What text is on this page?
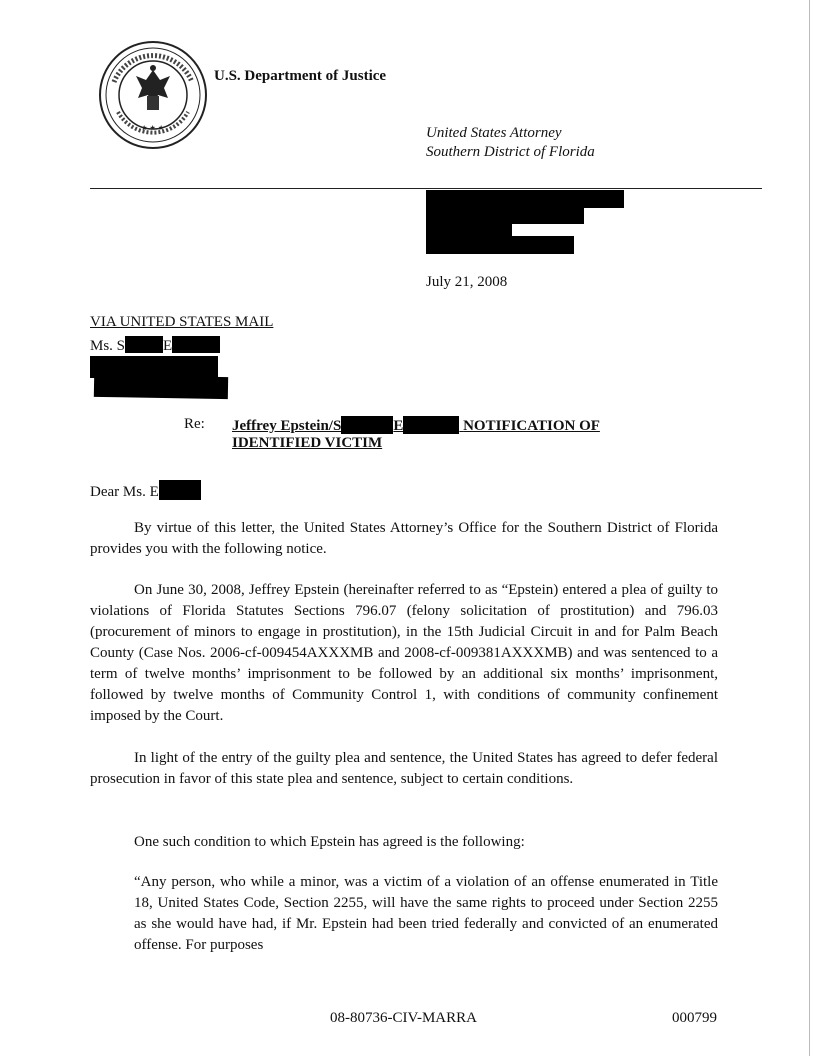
★ ★ ★
U.S. Department of Justice
United States Attorney
Southern District of Florida
July 21, 2008
VIA UNITED STATES MAIL
Ms. S	E
Re: Jeffrey Epstein/S	E	NOTIFICATION OF
IDENTIFIED VICTIM
Dear Ms. E

By virtue of this letter, the United States Attorney’s Office for the Southern District of Florida provides you with the following notice.

On June 30, 2008, Jeffrey Epstein (hereinafter referred to as “Epstein) entered a plea of guilty to violations of Florida Statutes Sections 796.07 (felony solicitation of prostitution) and 796.03 (procurement of minors to engage in prostitution), in the 15th Judicial Circuit in and for Palm Beach County (Case Nos. 2006-cf-009454AXXXMB and 2008-cf-009381AXXXMB) and was sentenced to a term of twelve months’ imprisonment to be followed by an additional six months’ imprisonment, followed by twelve months of Community Control 1, with conditions of community confinement imposed by the Court.

In light of the entry of the guilty plea and sentence, the United States has agreed to defer federal prosecution in favor of this state plea and sentence, subject to certain conditions.

One such condition to which Epstein has agreed is the following:

“Any person, who while a minor, was a victim of a violation of an offense enumerated in Title 18, United States Code, Section 2255, will have the same rights to proceed under Section 2255 as she would have had, if Mr. Epstein had been tried federally and convicted of an enumerated offense. For purposes
08-80736-CIV-MARRA	000799
